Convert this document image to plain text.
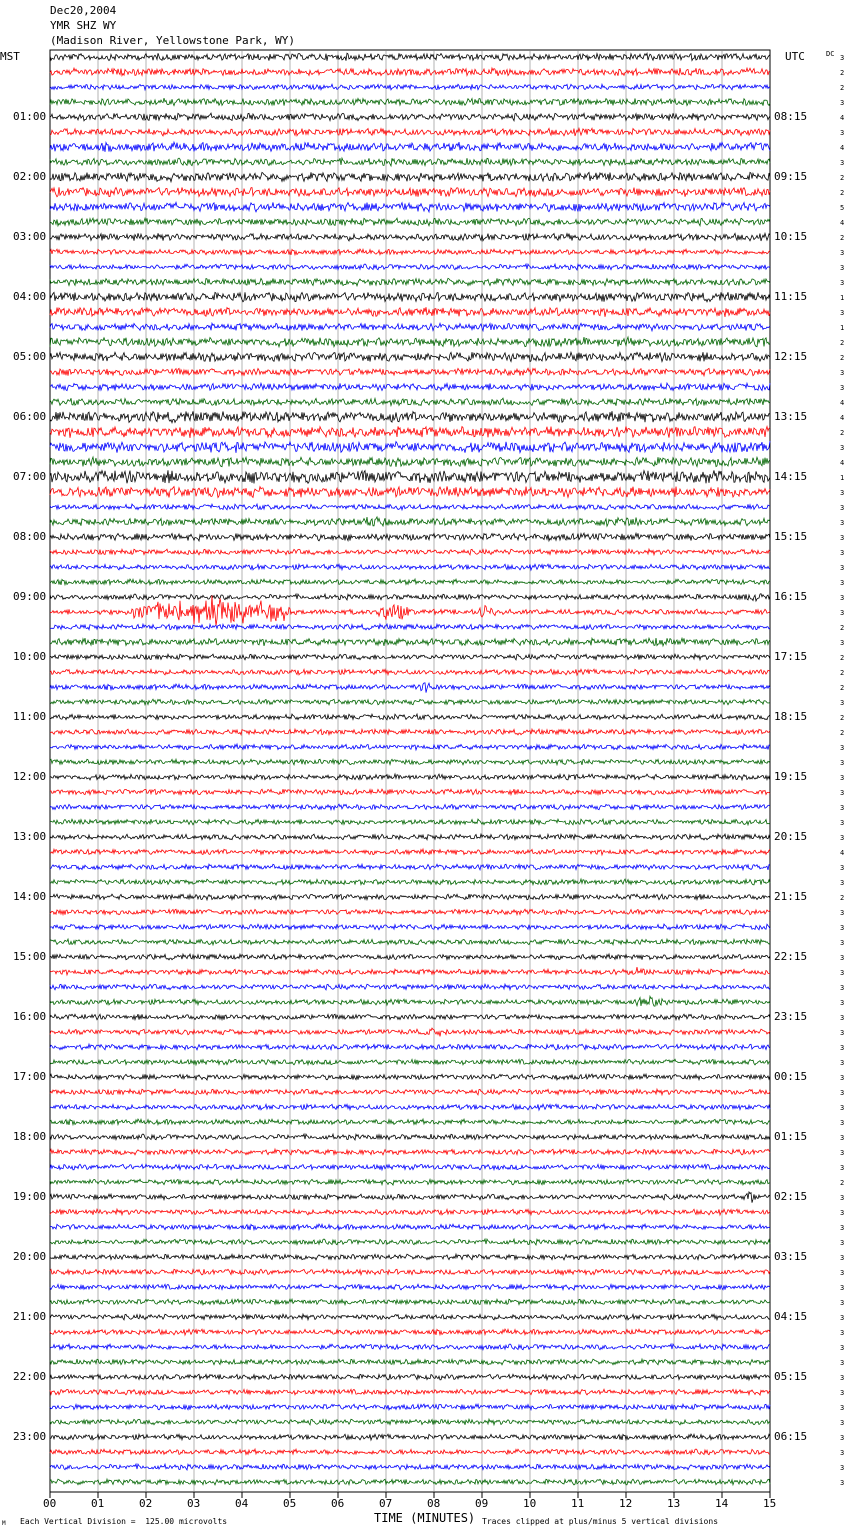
Dec20,2004
YMR SHZ WY
(Madison River, Yellowstone Park, WY)
MST	UTC	DC
01:00
02:00
03:00
04:00
05:00
06:00
07:00
08:00
09:00
10:00
11:00
12:00
13:00
14:00
15:00
16:00
17:00
18:00
19:00
20:00
21:00
22:00
23:00
08:15
09:15
10:15
11:15
12:15
13:15
14:15
15:15
16:15
17:15
18:15
19:15
20:15
21:15
22:15
23:15
00:15
01:15
02:15
03:15
04:15
05:15
06:15
3
2
2
3
4
3
4
3
2
2
5
4
2
3
3
3
1
3
1
2
2
3
3
4
4
2
3
4
1
3
3
3
3
3
3
3
3
3
2
3
2
2
2
3
2
2
3
3
3
3
3
3
3
4
3
3
2
3
3
3
3
3
3
3
3
3
3
3
3
3
3
3
3
3
3
2
3
3
3
3
3
3
3
3
3
3
3
3
3
3
3
3
3
3
3
3
00	01	02	03	04	05	06	07	08	09	10	11	12	13	14	15
TIME (MINUTES)
Each Vertical Division =  125.00 microvolts	Traces clipped at plus/minus 5 vertical divisions
M
